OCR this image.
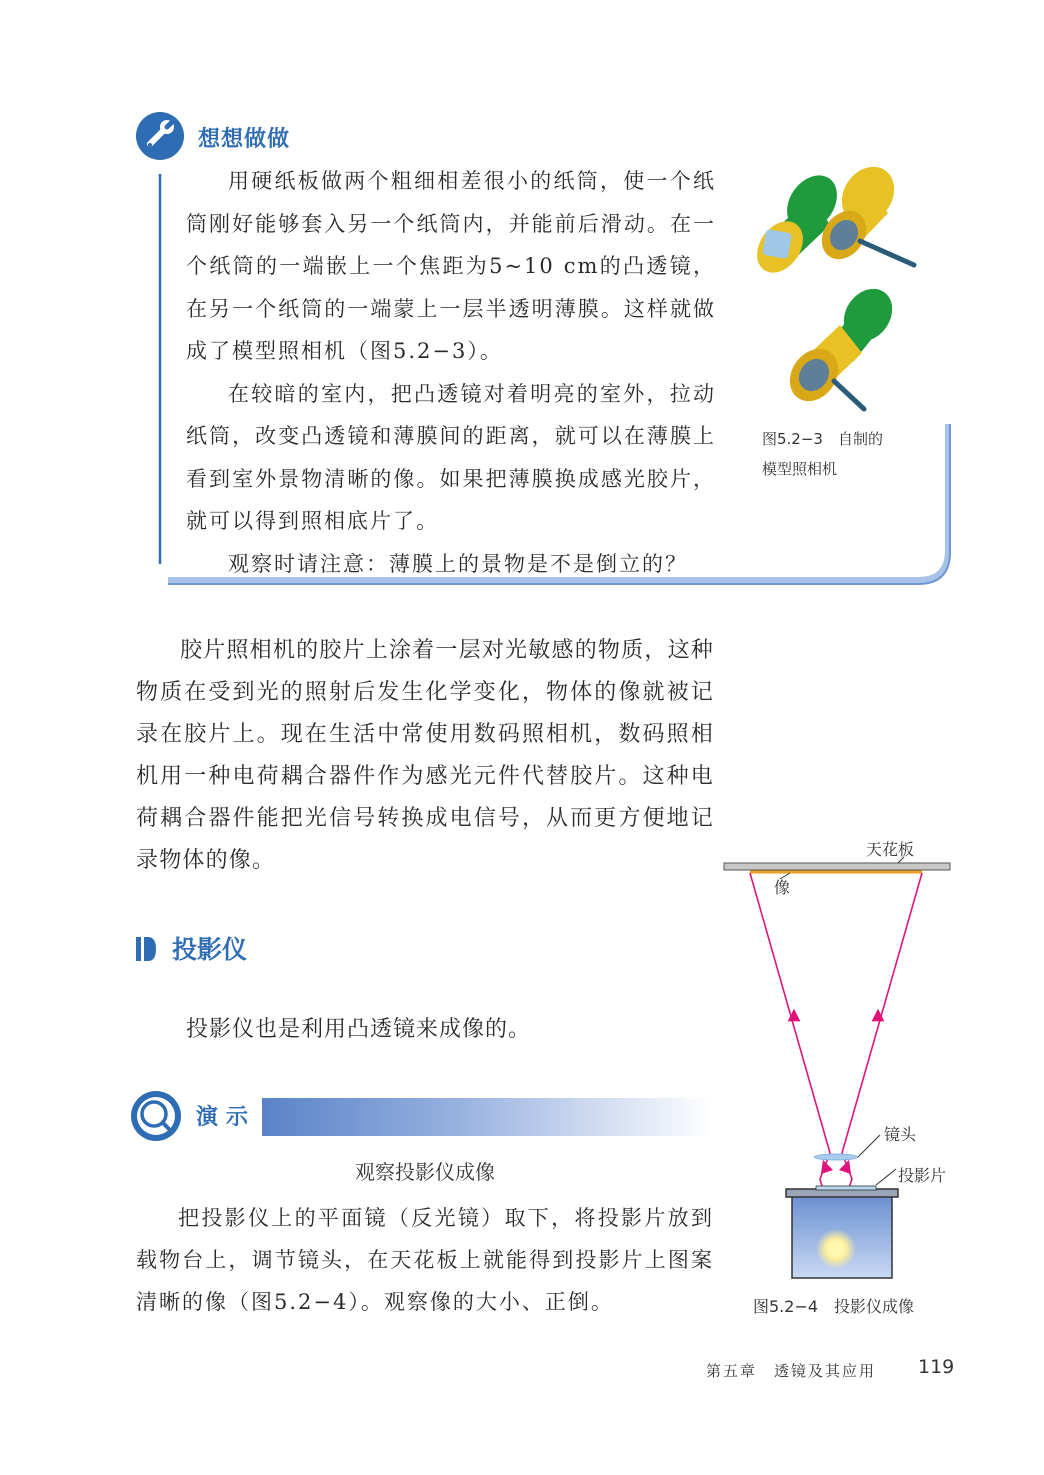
想想做做

用硬纸板做两个粗细相差很小的纸筒，使一个纸筒刚好能够套入另一个纸筒内，并能前后滑动。在一个纸筒的一端嵌上一个焦距为5~10 cm的凸透镜，在另一个纸筒的一端蒙上一层半透明薄膜。这样就做成了模型照相机（图5.2−3）。

在较暗的室内，把凸透镜对着明亮的室外，拉动纸筒，改变凸透镜和薄膜间的距离，就可以在薄膜上看到室外景物清晰的像。如果把薄膜换成感光胶片，就可以得到照相底片了。

观察时请注意：薄膜上的景物是不是倒立的？

图5.2−3　自制的
模型照相机

胶片照相机的胶片上涂着一层对光敏感的物质，这种物质在受到光的照射后发生化学变化，物体的像就被记录在胶片上。现在生活中常使用数码照相机，数码照相机用一种电荷耦合器件作为感光元件代替胶片。这种电荷耦合器件能把光信号转换成电信号，从而更方便地记录物体的像。

投影仪
投影仪也是利用凸透镜来成像的。
演示
观察投影仪成像

把投影仪上的平面镜（反光镜）取下，将投影片放到载物台上，调节镜头，在天花板上就能得到投影片上图案清晰的像（图5.2−4）。观察像的大小、正倒。

天花板
像
镜头
投影片
图5.2−4　投影仪成像
第五章　透镜及其应用 119
